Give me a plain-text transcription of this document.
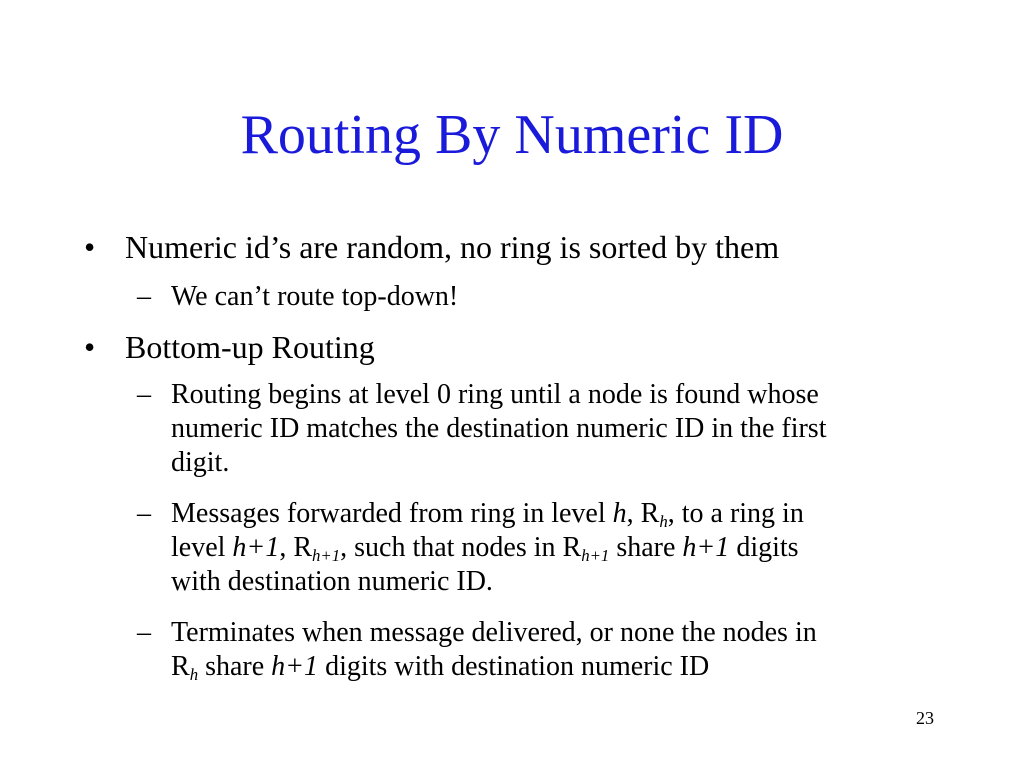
Routing By Numeric ID
• Numeric id’s are random, no ring is sorted by them
– We can’t route top-down!
• Bottom-up Routing
– Routing begins at level 0 ring until a node is found whose
numeric ID matches the destination numeric ID in the first
digit.
– Messages forwarded from ring in level h, $R_h$, to a ring in
level h+1, $R_{h+1}$, such that nodes in $R_{h+1}$ share h+1 digits
with destination numeric ID.
– Terminates when message delivered, or none the nodes in
$R_h$ share h+1 digits with destination numeric ID
23
